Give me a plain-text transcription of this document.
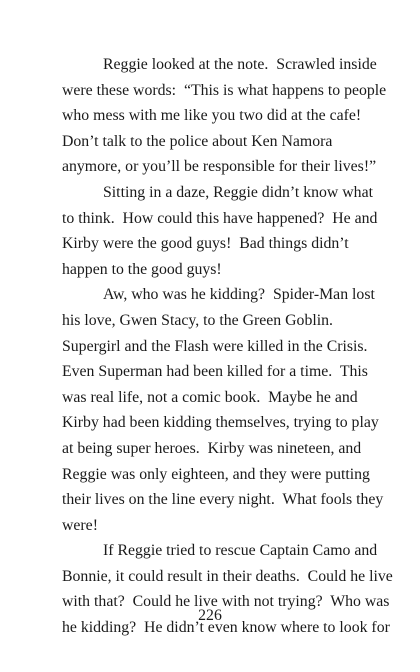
Reggie looked at the note.  Scrawled inside
were these words:  “This is what happens to people
who mess with me like you two did at the cafe!
Don’t talk to the police about Ken Namora
anymore, or you’ll be responsible for their lives!”
Sitting in a daze, Reggie didn’t know what
to think.  How could this have happened?  He and
Kirby were the good guys!  Bad things didn’t
happen to the good guys!
Aw, who was he kidding?  Spider-Man lost
his love, Gwen Stacy, to the Green Goblin.
Supergirl and the Flash were killed in the Crisis.
Even Superman had been killed for a time.  This
was real life, not a comic book.  Maybe he and
Kirby had been kidding themselves, trying to play
at being super heroes.  Kirby was nineteen, and
Reggie was only eighteen, and they were putting
their lives on the line every night.  What fools they
were!
If Reggie tried to rescue Captain Camo and
Bonnie, it could result in their deaths.  Could he live
with that?  Could he live with not trying?  Who was
he kidding?  He didn’t even know where to look for
226
